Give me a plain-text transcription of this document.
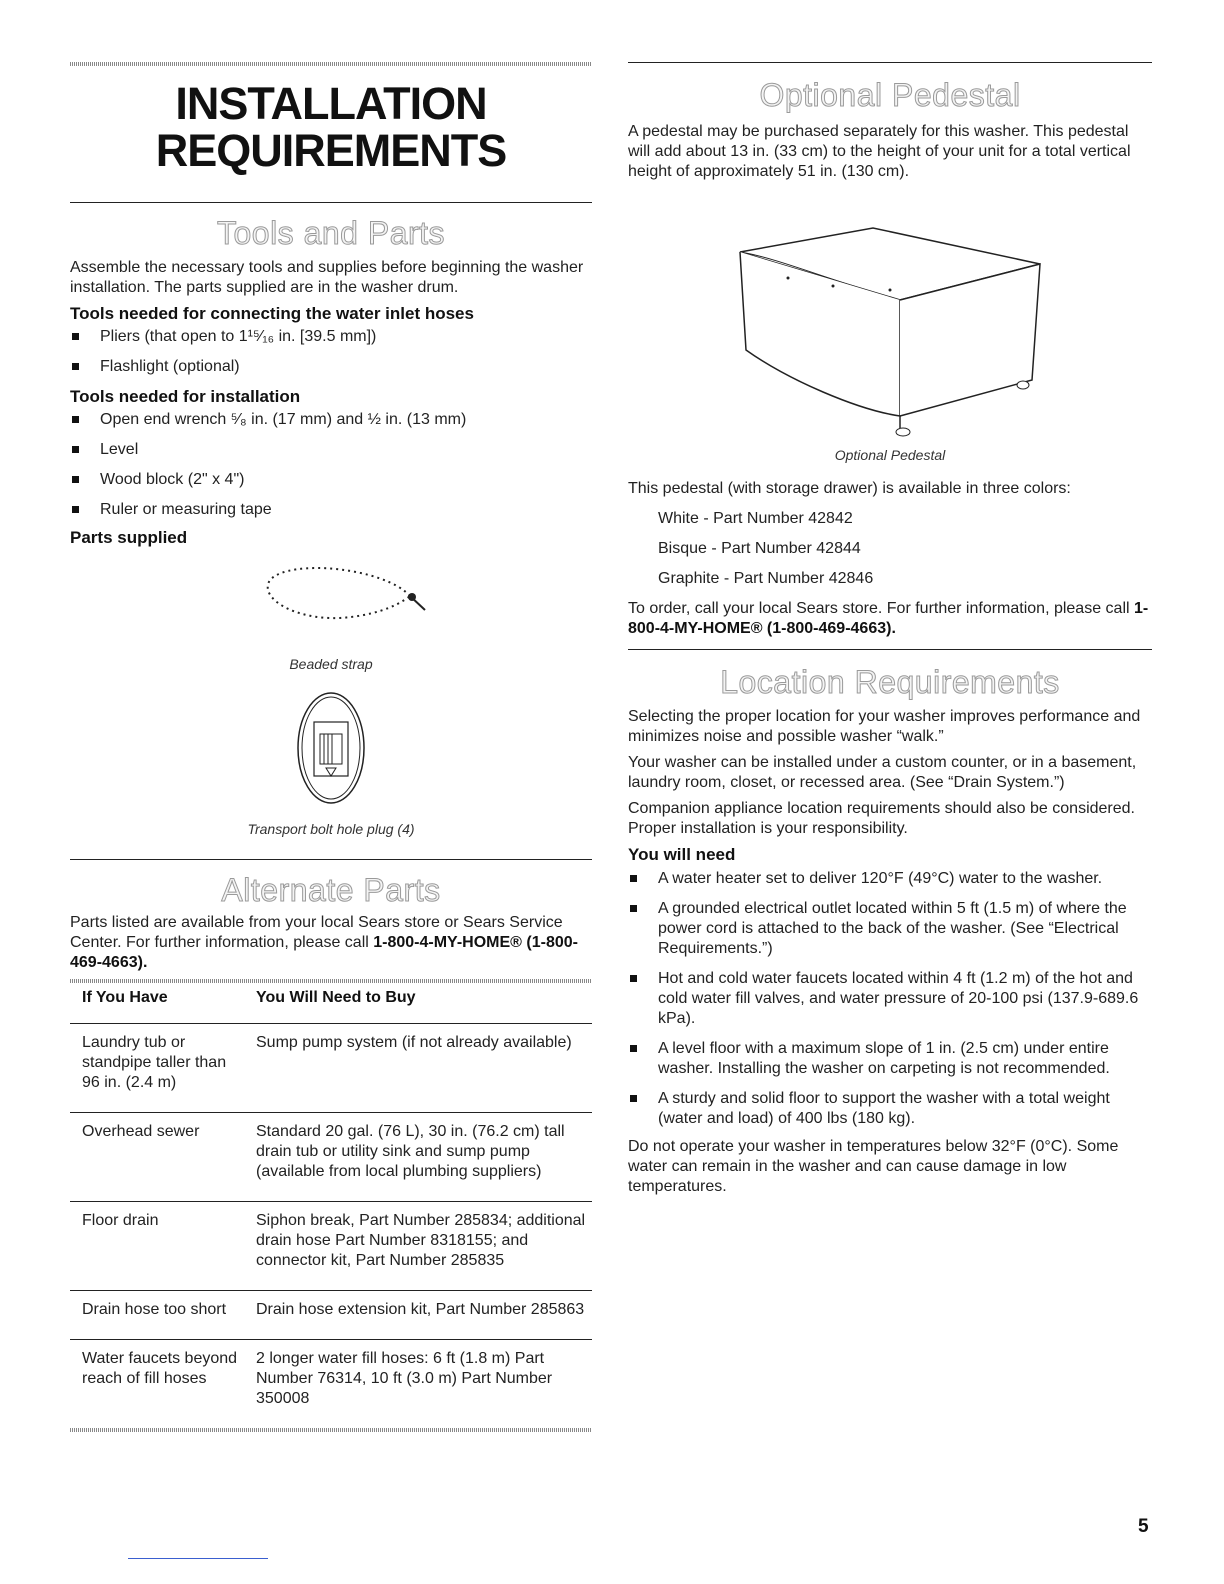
INSTALLATION

REQUIREMENTS

Tools and Parts

Assemble the necessary tools and supplies before beginning the washer installation. The parts supplied are in the washer drum.

Tools needed for connecting the water inlet hoses

Pliers (that open to 1¹⁵⁄₁₆ in. [39.5 mm])
Flashlight (optional)

Tools needed for installation

Open end wrench ⁵⁄₈ in. (17 mm) and ½ in. (13 mm)
Level
Wood block (2" x 4")
Ruler or measuring tape

Parts supplied

Beaded strap

Transport bolt hole plug (4)

Alternate Parts

Parts listed are available from your local Sears store or Sears Service Center. For further information, please call 1-800-4-MY-HOME® (1-800-469-4663).

If You Have	You Will Need to Buy
Laundry tub or standpipe taller than 96 in. (2.4 m)	Sump pump system (if not already available)
Overhead sewer	Standard 20 gal. (76 L), 30 in. (76.2 cm) tall drain tub or utility sink and sump pump (available from local plumbing suppliers)
Floor drain	Siphon break, Part Number 285834; additional drain hose Part Number 8318155; and connector kit, Part Number 285835
Drain hose too short	Drain hose extension kit, Part Number 285863
Water faucets beyond reach of fill hoses	2 longer water fill hoses: 6 ft (1.8 m) Part Number 76314, 10 ft (3.0 m) Part Number 350008
Optional Pedestal

A pedestal may be purchased separately for this washer. This pedestal will add about 13 in. (33 cm) to the height of your unit for a total vertical height of approximately 51 in. (130 cm).

Optional Pedestal

This pedestal (with storage drawer) is available in three colors:

White - Part Number 42842

Bisque - Part Number 42844

Graphite - Part Number 42846

To order, call your local Sears store. For further information, please call 1-800-4-MY-HOME® (1-800-469-4663).

Location Requirements

Selecting the proper location for your washer improves performance and minimizes noise and possible washer “walk.”

Your washer can be installed under a custom counter, or in a basement, laundry room, closet, or recessed area. (See “Drain System.”)

Companion appliance location requirements should also be considered. Proper installation is your responsibility.

You will need

A water heater set to deliver 120°F (49°C) water to the washer.
A grounded electrical outlet located within 5 ft (1.5 m) of where the power cord is attached to the back of the washer. (See “Electrical Requirements.”)
Hot and cold water faucets located within 4 ft (1.2 m) of the hot and cold water fill valves, and water pressure of 20-100 psi (137.9-689.6 kPa).
A level floor with a maximum slope of 1 in. (2.5 cm) under entire washer. Installing the washer on carpeting is not recommended.
A sturdy and solid floor to support the washer with a total weight (water and load) of 400 lbs (180 kg).

Do not operate your washer in temperatures below 32°F (0°C). Some water can remain in the washer and can cause damage in low temperatures.

5
